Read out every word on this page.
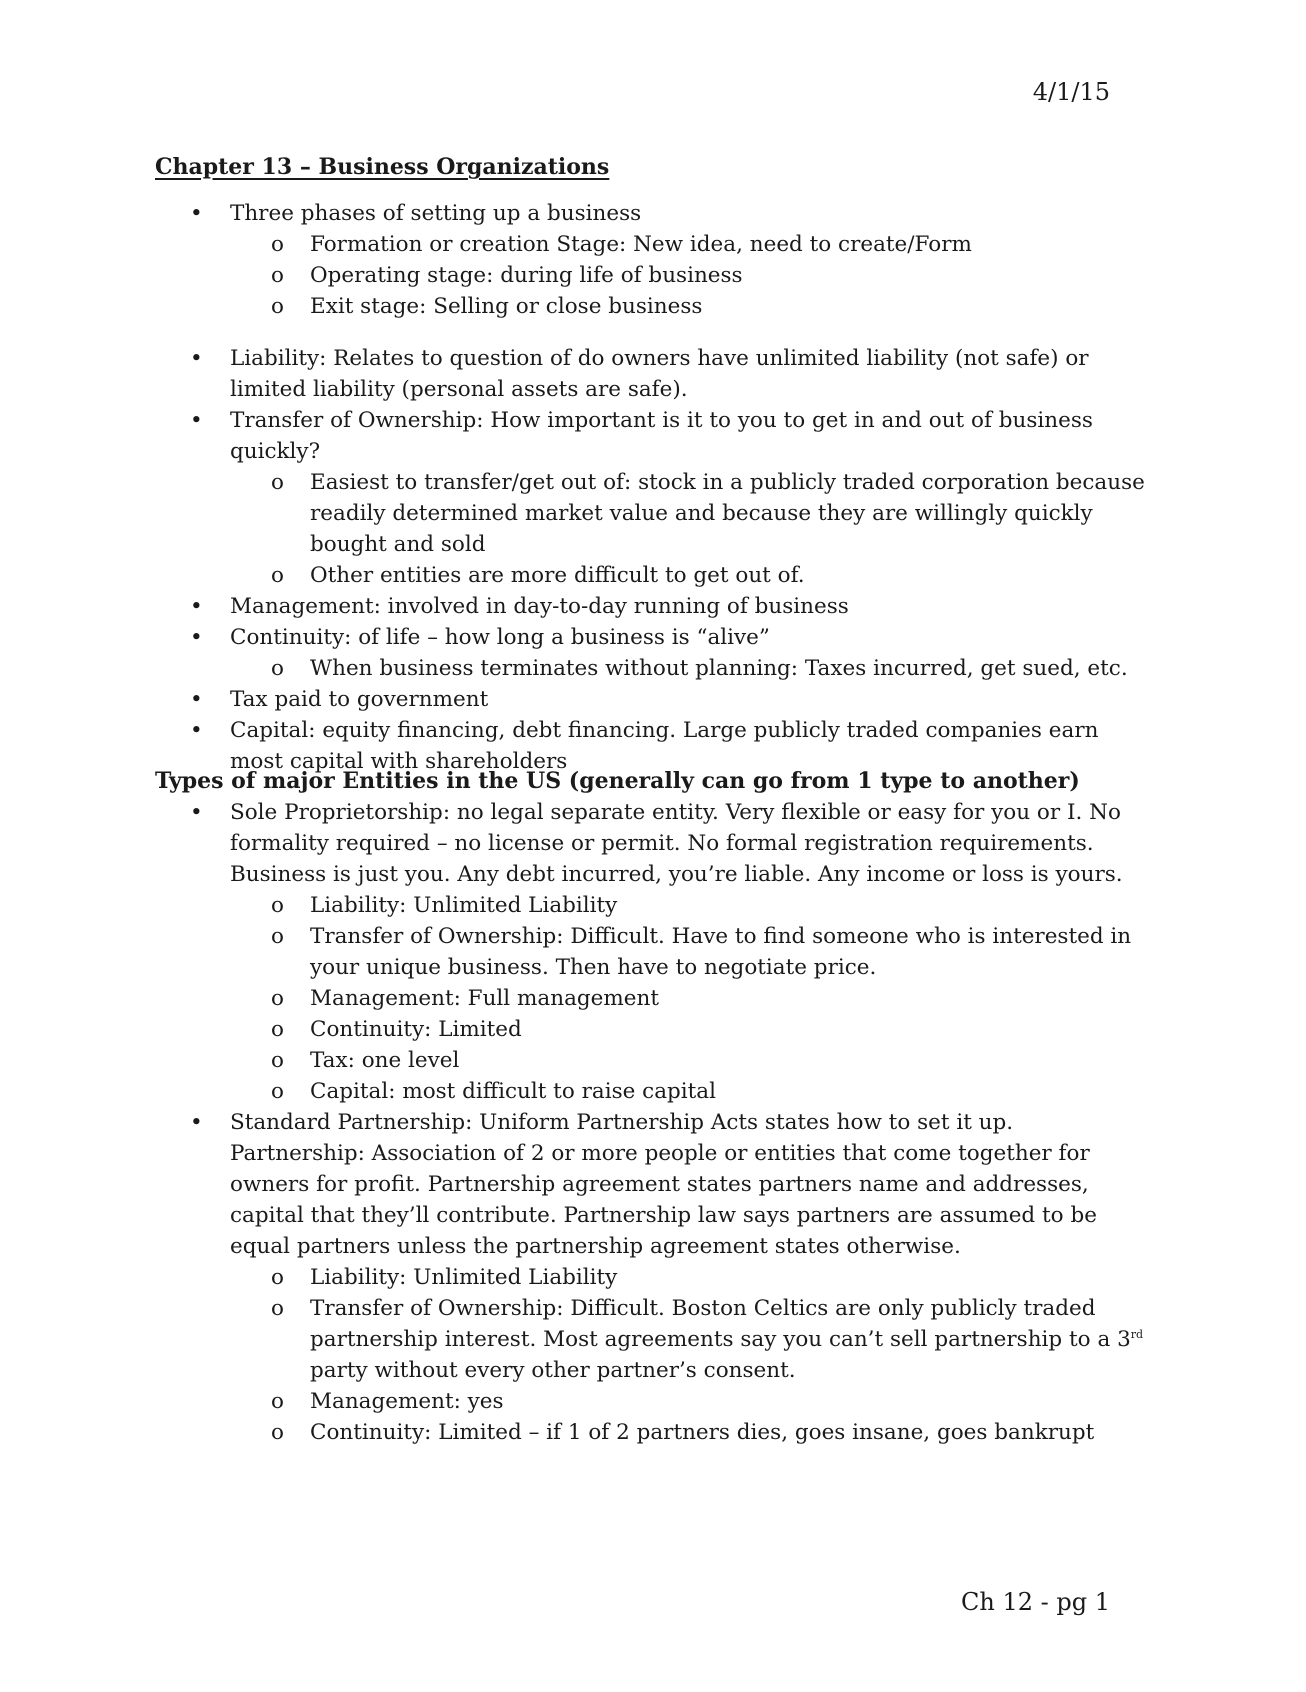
4/1/15
Chapter 13 – Business Organizations
• Three phases of setting up a business
o Formation or creation Stage: New idea, need to create/Form
o Operating stage: during life of business
o Exit stage: Selling or close business
• Liability: Relates to question of do owners have unlimited liability (not safe) or limited liability (personal assets are safe).
• Transfer of Ownership: How important is it to you to get in and out of business quickly?
o Easiest to transfer/get out of: stock in a publicly traded corporation because readily determined market value and because they are willingly quickly bought and sold
o Other entities are more difficult to get out of.
• Management: involved in day-to-day running of business
• Continuity: of life – how long a business is “alive”
o When business terminates without planning: Taxes incurred, get sued, etc.
• Tax paid to government
• Capital: equity financing, debt financing. Large publicly traded companies earn most capital with shareholders
Types of major Entities in the US (generally can go from 1 type to another)
• Sole Proprietorship: no legal separate entity. Very flexible or easy for you or I. No formality required – no license or permit. No formal registration requirements. Business is just you. Any debt incurred, you’re liable. Any income or loss is yours.
o Liability: Unlimited Liability
o Transfer of Ownership: Difficult. Have to find someone who is interested in your unique business. Then have to negotiate price.
o Management: Full management
o Continuity: Limited
o Tax: one level
o Capital: most difficult to raise capital
• Standard Partnership: Uniform Partnership Acts states how to set it up. Partnership: Association of 2 or more people or entities that come together for owners for profit. Partnership agreement states partners name and addresses, capital that they’ll contribute. Partnership law says partners are assumed to be equal partners unless the partnership agreement states otherwise.
o Liability: Unlimited Liability
o Transfer of Ownership: Difficult. Boston Celtics are only publicly traded partnership interest. Most agreements say you can’t sell partnership to a 3rd party without every other partner’s consent.
o Management: yes
o Continuity: Limited – if 1 of 2 partners dies, goes insane, goes bankrupt
Ch 12 - pg 1
